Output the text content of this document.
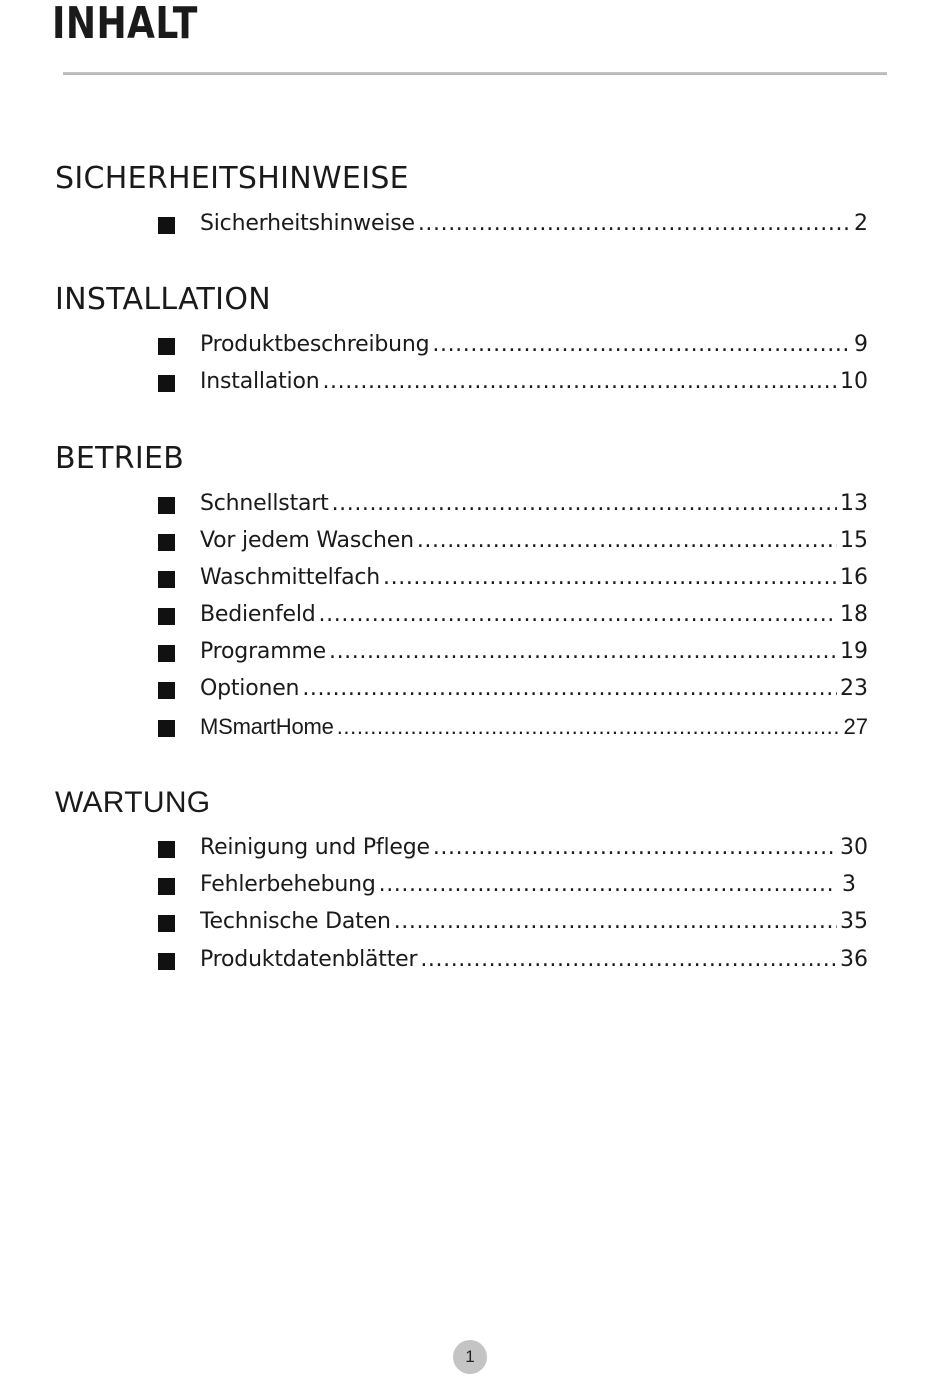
INHALT
SICHERHEITSHINWEISE
Sicherheitshinweise .....	2
INSTALLATION
Produktbeschreibung .....	9
Installation .....	10
BETRIEB
Schnellstart .....	13
Vor jedem Waschen .....	15
Waschmittelfach .....	16
Bedienfeld .....	18
Programme .....	19
Optionen .....	23
MSmartHome .....	27
WARTUNG
Reinigung und Pflege .....	30
Fehlerbehebung .....	3
Technische Daten .....	35
Produktdatenblätter .....	36
1
